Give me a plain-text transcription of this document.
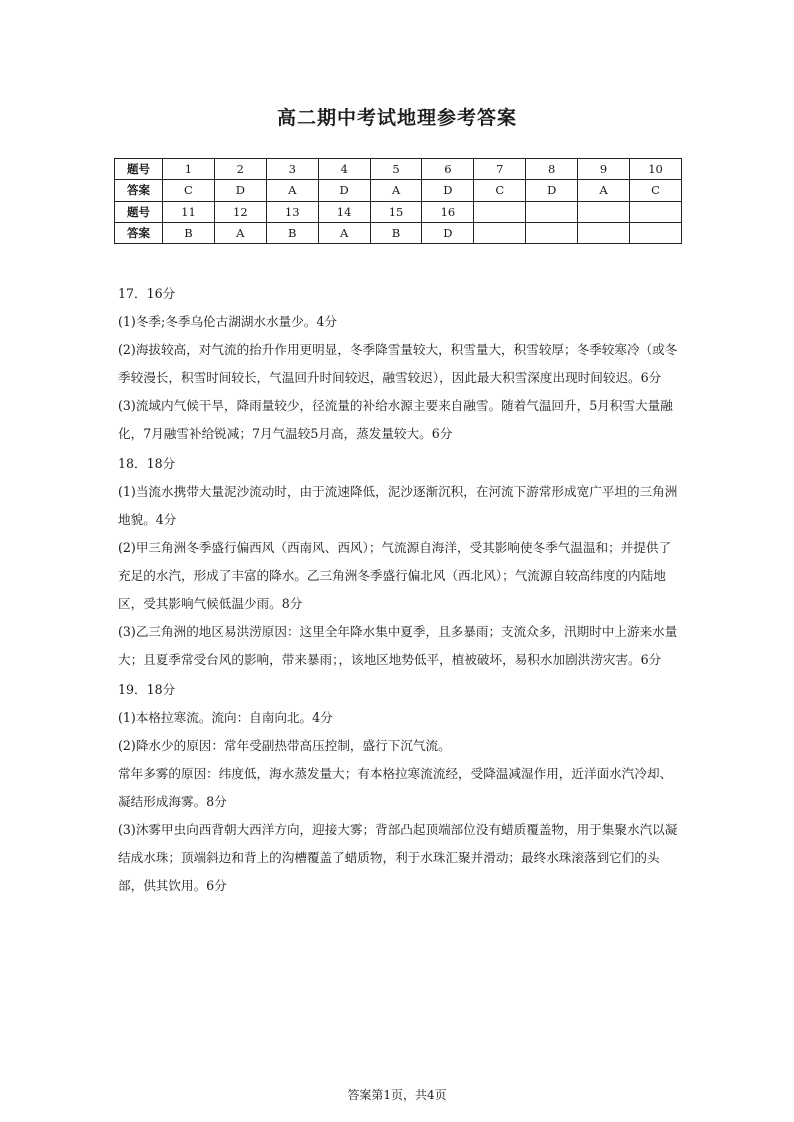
高二期中考试地理参考答案
题号	1	2	3	4	5	6	7	8	9	10
答案	C	D	A	D	A	D	C	D	A	C
题号	11	12	13	14	15	16				
答案	B	A	B	A	B	D				

17．16分

(1)冬季;冬季乌伦古湖湖水水量少。4分

(2)海拔较高，对气流的抬升作用更明显，冬季降雪量较大，积雪量大，积雪较厚；冬季较寒冷（或冬季较漫长，积雪时间较长，气温回升时间较迟，融雪较迟），因此最大积雪深度出现时间较迟。6分

(3)流域内气候干旱，降雨量较少，径流量的补给水源主要来自融雪。随着气温回升，5月积雪大量融化，7月融雪补给锐减；7月气温较5月高，蒸发量较大。6分

18．18分

(1)当流水携带大量泥沙流动时，由于流速降低，泥沙逐渐沉积，在河流下游常形成宽广平坦的三角洲地貌。4分

(2)甲三角洲冬季盛行偏西风（西南风、西风）；气流源自海洋，受其影响使冬季气温温和；并提供了充足的水汽，形成了丰富的降水。乙三角洲冬季盛行偏北风（西北风）；气流源自较高纬度的内陆地区，受其影响气候低温少雨。8分

(3)乙三角洲的地区易洪涝原因：这里全年降水集中夏季，且多暴雨；支流众多，汛期时中上游来水量大；且夏季常受台风的影响，带来暴雨；，该地区地势低平，植被破坏，易积水加剧洪涝灾害。6分

19．18分

(1)本格拉寒流。流向：自南向北。4分

(2)降水少的原因：常年受副热带高压控制，盛行下沉气流。

常年多雾的原因：纬度低，海水蒸发量大；有本格拉寒流流经，受降温减湿作用，近洋面水汽冷却、凝结形成海雾。8分

(3)沐雾甲虫向西背朝大西洋方向，迎接大雾；背部凸起顶端部位没有蜡质覆盖物，用于集聚水汽以凝结成水珠；顶端斜边和背上的沟槽覆盖了蜡质物，利于水珠汇聚并滑动；最终水珠滚落到它们的头部，供其饮用。6分

答案第1页，共4页
